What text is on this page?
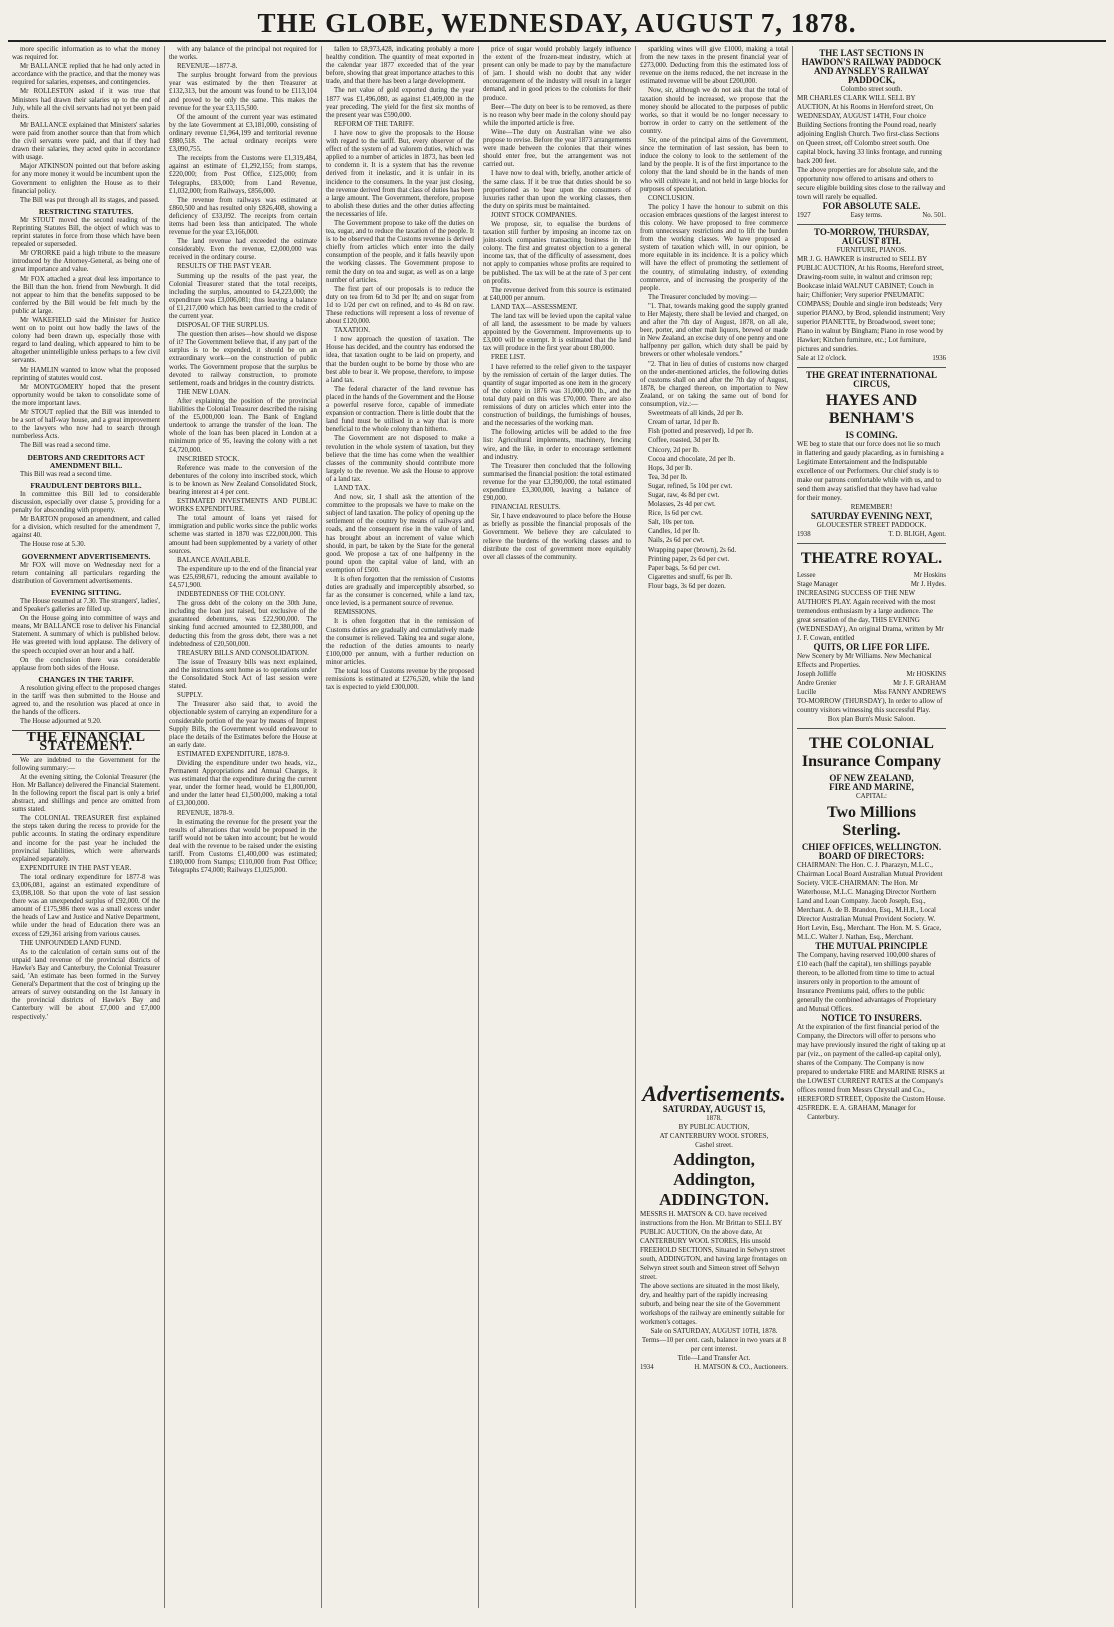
THE GLOBE, WEDNESDAY, AUGUST 7, 1878.

more specific information as to what the money was required for.

Mr BALLANCE replied that he had only acted in accordance with the practice, and that the money was required for salaries, expenses, and contingencies.

Mr ROLLESTON asked if it was true that Ministers had drawn their salaries up to the end of July, while all the civil servants had not yet been paid theirs.

Mr BALLANCE explained that Ministers' salaries were paid from another source than that from which the civil servants were paid, and that if they had drawn their salaries, they acted quite in accordance with usage.

Major ATKINSON pointed out that before asking for any more money it would be incumbent upon the Government to enlighten the House as to their financial policy.

The Bill was put through all its stages, and passed.

RESTRICTING STATUTES.

Mr STOUT moved the second reading of the Reprinting Statutes Bill, the object of which was to reprint statutes in force from those which have been repealed or superseded.

Mr O'RORKE paid a high tribute to the measure introduced by the Attorney-General, as being one of great importance and value.

Mr FOX attached a great deal less importance to the Bill than the hon. friend from Newburgh. It did not appear to him that the benefits supposed to be conferred by the Bill would be felt much by the public at large.

Mr WAKEFIELD said the Minister for Justice went on to point out how badly the laws of the colony had been drawn up, especially those with regard to land dealing, which appeared to him to be altogether unintelligible unless perhaps to a few civil servants.

Mr HAMLIN wanted to know what the proposed reprinting of statutes would cost.

Mr MONTGOMERY hoped that the present opportunity would be taken to consolidate some of the more important laws.

Mr STOUT replied that the Bill was intended to be a sort of half-way house, and a great improvement to the lawyers who now had to search through numberless Acts.

The Bill was read a second time.

DEBTORS AND CREDITORS ACT AMENDMENT BILL.

This Bill was read a second time.

FRAUDULENT DEBTORS BILL.

In committee this Bill led to considerable discussion, especially over clause 5, providing for a penalty for absconding with property.

Mr BARTON proposed an amendment, and called for a division, which resulted for the amendment 7, against 40.

The House rose at 5.30.

GOVERNMENT ADVERTISEMENTS.

Mr FOX will move on Wednesday next for a return containing all particulars regarding the distribution of Government advertisements.

EVENING SITTING.

The House resumed at 7.30. The strangers', ladies', and Speaker's galleries are filled up.

On the House going into committee of ways and means, Mr BALLANCE rose to deliver his Financial Statement. A summary of which is published below. He was greeted with loud applause. The delivery of the speech occupied over an hour and a half.

On the conclusion there was considerable applause from both sides of the House.

CHANGES IN THE TARIFF.

A resolution giving effect to the proposed changes in the tariff was then submitted to the House and agreed to, and the resolution was placed at once in the hands of the officers.

The House adjourned at 9.20.

THE FINANCIAL STATEMENT.

We are indebted to the Government for the following summary:—

At the evening sitting, the Colonial Treasurer (the Hon. Mr Ballance) delivered the Financial Statement. In the following report the fiscal part is only a brief abstract, and shillings and pence are omitted from sums stated.

The COLONIAL TREASURER first explained the steps taken during the recess to provide for the public accounts. In stating the ordinary expenditure and income for the past year he included the provincial liabilities, which were afterwards explained separately.

EXPENDITURE IN THE PAST YEAR.

The total ordinary expenditure for 1877-8 was £3,006,081, against an estimated expenditure of £3,098,108. So that upon the vote of last session there was an unexpended surplus of £92,000. Of the amount of £175,986 there was a small excess under the heads of Law and Justice and Native Department, while under the head of Education there was an excess of £29,361 arising from various causes.

THE UNFOUNDED LAND FUND.

As to the calculation of certain sums out of the unpaid land revenue of the provincial districts of Hawke's Bay and Canterbury, the Colonial Treasurer said, 'An estimate has been formed in the Survey General's Department that the cost of bringing up the arrears of survey outstanding on the 1st January in the provincial districts of Hawke's Bay and Canterbury will be about £7,000 and £7,000 respectively.'

with any balance of the principal not required for the works.

REVENUE—1877-8.

The surplus brought forward from the previous year was estimated by the then Treasurer at £132,313, but the amount was found to be £113,104 and proved to be only the same. This makes the revenue for the year £3,115,500.

Of the amount of the current year was estimated by the late Government at £3,181,000, consisting of ordinary revenue £1,964,199 and territorial revenue £880,518. The actual ordinary receipts were £3,090,755.

The receipts from the Customs were £1,319,484, against an estimate of £1,292,155; from stamps, £220,000; from Post Office, £125,000; from Telegraphs, £83,000; from Land Revenue, £1,032,000; from Railways, £856,000.

The revenue from railways was estimated at £860,500 and has resulted only £826,408, showing a deficiency of £33,092. The receipts from certain items had been less than anticipated. The whole revenue for the year £3,166,000.

The land revenue had exceeded the estimate considerably. Even the revenue, £2,000,000 was received in the ordinary course.

RESULTS OF THE PAST YEAR.

Summing up the results of the past year, the Colonial Treasurer stated that the total receipts, including the surplus, amounted to £4,223,000; the expenditure was £3,006,081; thus leaving a balance of £1,217,000 which has been carried to the credit of the current year.

DISPOSAL OF THE SURPLUS.

The question then arises—how should we dispose of it? The Government believe that, if any part of the surplus is to be expended, it should be on an extraordinary work—on the construction of public works. The Government propose that the surplus be devoted to railway construction, to promote settlement, roads and bridges in the country districts.

THE NEW LOAN.

After explaining the position of the provincial liabilities the Colonial Treasurer described the raising of the £5,000,000 loan. The Bank of England undertook to arrange the transfer of the loan. The whole of the loan has been placed in London at a minimum price of 95, leaving the colony with a net £4,720,000.

INSCRIBED STOCK.

Reference was made to the conversion of the debentures of the colony into inscribed stock, which is to be known as New Zealand Consolidated Stock, bearing interest at 4 per cent.

ESTIMATED INVESTMENTS AND PUBLIC WORKS EXPENDITURE.

The total amount of loans yet raised for immigration and public works since the public works scheme was started in 1870 was £22,000,000. This amount had been supplemented by a variety of other sources.

BALANCE AVAILABLE.

The expenditure up to the end of the financial year was £25,698,671, reducing the amount available to £4,571,900.

INDEBTEDNESS OF THE COLONY.

The gross debt of the colony on the 30th June, including the loan just raised, but exclusive of the guaranteed debentures, was £22,900,000. The sinking fund accrued amounted to £2,380,000, and deducting this from the gross debt, there was a net indebtedness of £20,500,000.

TREASURY BILLS AND CONSOLIDATION.

The issue of Treasury bills was next explained, and the instructions sent home as to operations under the Consolidated Stock Act of last session were stated.

SUPPLY.

The Treasurer also said that, to avoid the objectionable system of carrying an expenditure for a considerable portion of the year by means of Imprest Supply Bills, the Government would endeavour to place the details of the Estimates before the House at an early date.

ESTIMATED EXPENDITURE, 1878-9.

Dividing the expenditure under two heads, viz., Permanent Appropriations and Annual Charges, it was estimated that the expenditure during the current year, under the former head, would be £1,800,000, and under the latter head £1,500,000, making a total of £3,300,000.

REVENUE, 1878-9.

In estimating the revenue for the present year the results of alterations that would be proposed in the tariff would not be taken into account; but he would deal with the revenue to be raised under the existing tariff. From Customs £1,400,000 was estimated; £180,000 from Stamps; £110,000 from Post Office; Telegraphs £74,000; Railways £1,025,000.

fallen to £8,973,428, indicating probably a more healthy condition. The quantity of meat exported in the calendar year 1877 exceeded that of the year before, showing that great importance attaches to this trade, and that there has been a large development.

The net value of gold exported during the year 1877 was £1,496,080, as against £1,409,000 in the year preceding. The yield for the first six months of the present year was £590,000.

REFORM OF THE TARIFF.

I have now to give the proposals to the House with regard to the tariff. But, every observer of the effect of the system of ad valorem duties, which was applied to a number of articles in 1873, has been led to condemn it. It is a system that has the revenue derived from it inelastic, and it is unfair in its incidence to the consumers. In the year just closing, the revenue derived from that class of duties has been a large amount. The Government, therefore, propose to abolish these duties and the other duties affecting the necessaries of life.

The Government propose to take off the duties on tea, sugar, and to reduce the taxation of the people. It is to be observed that the Customs revenue is derived chiefly from articles which enter into the daily consumption of the people, and it falls heavily upon the working classes. The Government propose to remit the duty on tea and sugar, as well as on a large number of articles.

The first part of our proposals is to reduce the duty on tea from 6d to 3d per lb; and on sugar from 1d to 1/2d per cwt on refined, and to 4s 8d on raw. These reductions will represent a loss of revenue of about £120,000.

TAXATION.

I now approach the question of taxation. The House has decided, and the country has endorsed the idea, that taxation ought to be laid on property, and that the burden ought to be borne by those who are best able to bear it. We propose, therefore, to impose a land tax.

The federal character of the land revenue has placed in the hands of the Government and the House a powerful reserve force, capable of immediate expansion or contraction. There is little doubt that the land fund must be utilised in a way that is more beneficial to the whole colony than hitherto.

The Government are not disposed to make a revolution in the whole system of taxation, but they believe that the time has come when the wealthier classes of the community should contribute more largely to the revenue. We ask the House to approve of a land tax.

LAND TAX.

And now, sir, I shall ask the attention of the committee to the proposals we have to make on the subject of land taxation. The policy of opening up the settlement of the country by means of railways and roads, and the consequent rise in the value of land, has brought about an increment of value which should, in part, be taken by the State for the general good. We propose a tax of one halfpenny in the pound upon the capital value of land, with an exemption of £500.

It is often forgotten that the remission of Customs duties are gradually and imperceptibly absorbed, so far as the consumer is concerned, while a land tax, once levied, is a permanent source of revenue.

REMISSIONS.

It is often forgotten that in the remission of Customs duties are gradually and cumulatively made the consumer is relieved. Taking tea and sugar alone, the reduction of the duties amounts to nearly £100,000 per annum, with a further reduction on minor articles.

The total loss of Customs revenue by the proposed remissions is estimated at £276,520, while the land tax is expected to yield £300,000.

price of sugar would probably largely influence the extent of the frozen-meat industry, which at present can only be made to pay by the manufacture of jam. I should wish no doubt that any wider encouragement of the industry will result in a larger demand, and in good prices to the colonists for their produce.

Beer—The duty on beer is to be removed, as there is no reason why beer made in the colony should pay while the imported article is free.

Wine—The duty on Australian wine we also propose to revise. Before the year 1873 arrangements were made between the colonies that their wines should enter free, but the arrangement was not carried out.

I have now to deal with, briefly, another article of the same class. If it be true that duties should be so proportioned as to bear upon the consumers of luxuries rather than upon the working classes, then the duty on spirits must be maintained.

JOINT STOCK COMPANIES.

We propose, sir, to equalise the burdens of taxation still further by imposing an income tax on joint-stock companies transacting business in the colony. The first and greatest objection to a general income tax, that of the difficulty of assessment, does not apply to companies whose profits are required to be published. The tax will be at the rate of 3 per cent on profits.

The revenue derived from this source is estimated at £40,000 per annum.

LAND TAX—ASSESSMENT.

The land tax will be levied upon the capital value of all land, the assessment to be made by valuers appointed by the Government. Improvements up to £3,000 will be exempt. It is estimated that the land tax will produce in the first year about £80,000.

FREE LIST.

I have referred to the relief given to the taxpayer by the remission of certain of the larger duties. The quantity of sugar imported as one item in the grocery of the colony in 1876 was 31,000,000 lb., and the total duty paid on this was £70,000. There are also remissions of duty on articles which enter into the construction of buildings, the furnishings of houses, and the necessaries of the working man.

The following articles will be added to the free list: Agricultural implements, machinery, fencing wire, and the like, in order to encourage settlement and industry.

The Treasurer then concluded that the following summarised the financial position: the total estimated revenue for the year £3,390,000, the total estimated expenditure £3,300,000, leaving a balance of £90,000.

FINANCIAL RESULTS.

Sir, I have endeavoured to place before the House as briefly as possible the financial proposals of the Government. We believe they are calculated to relieve the burdens of the working classes and to distribute the cost of government more equitably over all classes of the community.

sparkling wines will give £1000, making a total from the new taxes in the present financial year of £273,000. Deducting from this the estimated loss of revenue on the items reduced, the net increase in the estimated revenue will be about £200,000.

Now, sir, although we do not ask that the total of taxation should be increased, we propose that the money should be allocated to the purposes of public works, so that it would be no longer necessary to borrow in order to carry on the settlement of the country.

Sir, one of the principal aims of the Government, since the termination of last session, has been to induce the colony to look to the settlement of the land by the people. It is of the first importance to the colony that the land should be in the hands of men who will cultivate it, and not held in large blocks for purposes of speculation.

CONCLUSION.

The policy I have the honour to submit on this occasion embraces questions of the largest interest to this colony. We have proposed to free commerce from unnecessary restrictions and to lift the burden from the working classes. We have proposed a system of taxation which will, in our opinion, be more equitable in its incidence. It is a policy which will have the effect of promoting the settlement of the country, of stimulating industry, of extending commerce, and of increasing the prosperity of the people.

The Treasurer concluded by moving:—

"1. That, towards making good the supply granted to Her Majesty, there shall be levied and charged, on and after the 7th day of August, 1878, on all ale, beer, porter, and other malt liquors, brewed or made in New Zealand, an excise duty of one penny and one halfpenny per gallon, which duty shall be paid by brewers or other wholesale vendors."

"2. That in lieu of duties of customs now charged on the under-mentioned articles, the following duties of customs shall on and after the 7th day of August, 1878, be charged thereon, on importation to New Zealand, or on taking the same out of bond for consumption, viz.:—

Sweetmeats of all kinds, 2d per lb.

Cream of tartar, 1d per lb.

Fish (potted and preserved), 1d per lb.

Coffee, roasted, 3d per lb.

Chicory, 2d per lb.

Cocoa and chocolate, 2d per lb.

Hops, 3d per lb.

Tea, 3d per lb.

Sugar, refined, 5s 10d per cwt.

Sugar, raw, 4s 8d per cwt.

Molasses, 2s 4d per cwt.

Rice, 1s 6d per cwt.

Salt, 10s per ton.

Candles, 1d per lb.

Nails, 2s 6d per cwt.

Wrapping paper (brown), 2s 6d.

Printing paper, 2s 6d per cwt.

Paper bags, 5s 6d per cwt.

Cigarettes and snuff, 6s per lb.

Flour bags, 3s 6d per dozen.

Advertisements.
SATURDAY, AUGUST 15,
1878.
BY PUBLIC AUCTION,
AT CANTERBURY WOOL STORES,
Cashel street.
Addington, Addington, ADDINGTON.
MESSRS H. MATSON & CO. have received instructions from the Hon. Mr Brittan to SELL BY PUBLIC AUCTION, On the above date, At CANTERBURY WOOL STORES, His unsold FREEHOLD SECTIONS, Situated in Selwyn street south, ADDINGTON, and having large frontages on Selwyn street south and Simeon street off Selwyn street.
The above sections are situated in the most likely, dry, and healthy part of the rapidly increasing suburb, and being near the site of the Government workshops of the railway are eminently suitable for workmen's cottages.
Sale on SATURDAY, AUGUST 10TH, 1878.
Terms—10 per cent. cash, balance in two years at 8 per cent interest.
Title—Land Transfer Act.
1934	H. MATSON & CO., Auctioneers.
THE LAST SECTIONS IN HAWDON'S RAILWAY PADDOCK AND AYNSLEY'S RAILWAY PADDOCK,
Colombo street south.
MR CHARLES CLARK WILL SELL BY AUCTION, At his Rooms in Hereford street, On WEDNESDAY, AUGUST 14TH, Four choice Building Sections fronting the Pound road, nearly adjoining English Church. Two first-class Sections on Queen street, off Colombo street south. One capital block, having 33 links frontage, and running back 200 feet.
The above properties are for absolute sale, and the opportunity now offered to artisans and others to secure eligible building sites close to the railway and town will rarely be equalled.
FOR ABSOLUTE SALE.
1927	Easy terms.	No. 501.
TO-MORROW, THURSDAY, AUGUST 8TH.
FURNITURE, PIANOS.
MR J. G. HAWKER is instructed to SELL BY PUBLIC AUCTION, At his Rooms, Hereford street, Drawing-room suite, in walnut and crimson rep; Bookcase inlaid WALNUT CABINET; Couch in hair; Chiffonier; Very superior PNEUMATIC COMPASS; Double and single iron bedsteads; Very superior PIANO, by Brod, splendid instrument; Very superior PIANETTE, by Broadwood, sweet tone; Piano in walnut by Bingham; Piano in rose wood by Hawker; Kitchen furniture, etc.; Lot furniture, pictures and sundries.
Sale at 12 o'clock.	1936
THE GREAT INTERNATIONAL CIRCUS,
HAYES AND BENHAM'S
IS COMING.
WE beg to state that our force does not lie so much in flattering and gaudy placarding, as in furnishing a Legitimate Entertainment and the Indisputable excellence of our Performers. Our chief study is to make our patrons comfortable while with us, and to send them away satisfied that they have had value for their money.
REMEMBER!
SATURDAY EVENING NEXT,
GLOUCESTER STREET PADDOCK.
1938	T. D. BLIGH, Agent.
THEATRE ROYAL.
Lessee	Mr Hoskins
Stage Manager	Mr J. Hydes.
INCREASING SUCCESS OF THE NEW AUTHOR'S PLAY. Again received with the most tremendous enthusiasm by a large audience. The great sensation of the day, THIS EVENING (WEDNESDAY), An original Drama, written by Mr J. F. Cowan, entitled
QUITS, OR LIFE FOR LIFE.
New Scenery by Mr Williams. New Mechanical Effects and Properties.
Joseph Jolliffe	Mr HOSKINS
Andre Grenier	Mr J. F. GRAHAM
Lucille	Miss FANNY ANDREWS
TO-MORROW (THURSDAY), In order to allow of country visitors witnessing this successful Play.
Box plan Burn's Music Saloon.
THE COLONIAL Insurance Company
OF NEW ZEALAND,
FIRE AND MARINE,
CAPITAL:
Two Millions Sterling.
CHIEF OFFICES, WELLINGTON.
BOARD OF DIRECTORS:
CHAIRMAN: The Hon. C. J. Pharazyn, M.L.C., Chairman Local Board Australian Mutual Provident Society. VICE-CHAIRMAN: The Hon. Mr Waterhouse, M.L.C. Managing Director Northern Land and Loan Company. Jacob Joseph, Esq., Merchant. A. de B. Brandon, Esq., M.H.R., Local Director Australian Mutual Provident Society. W. Hort Levin, Esq., Merchant. The Hon. M. S. Grace, M.L.C. Walter J. Nathan, Esq., Merchant.
THE MUTUAL PRINCIPLE
The Company, having reserved 100,000 shares of £10 each (half the capital), ten shillings payable thereon, to be allotted from time to time to actual insurers only in proportion to the amount of Insurance Premiums paid, offers to the public generally the combined advantages of Proprietary and Mutual Offices.
NOTICE TO INSURERS.
At the expiration of the first financial period of the Company, the Directors will offer to persons who may have previously insured the right of taking up at par (viz., on payment of the called-up capital only), shares of the Company. The Company is now prepared to undertake FIRE and MARINE RISKS at the LOWEST CURRENT RATES at the Company's offices rented from Messrs Chrystall and Co.,
HEREFORD STREET, Opposite the Custom House.
425 FREDK. E. A. GRAHAM, Manager for Canterbury.
